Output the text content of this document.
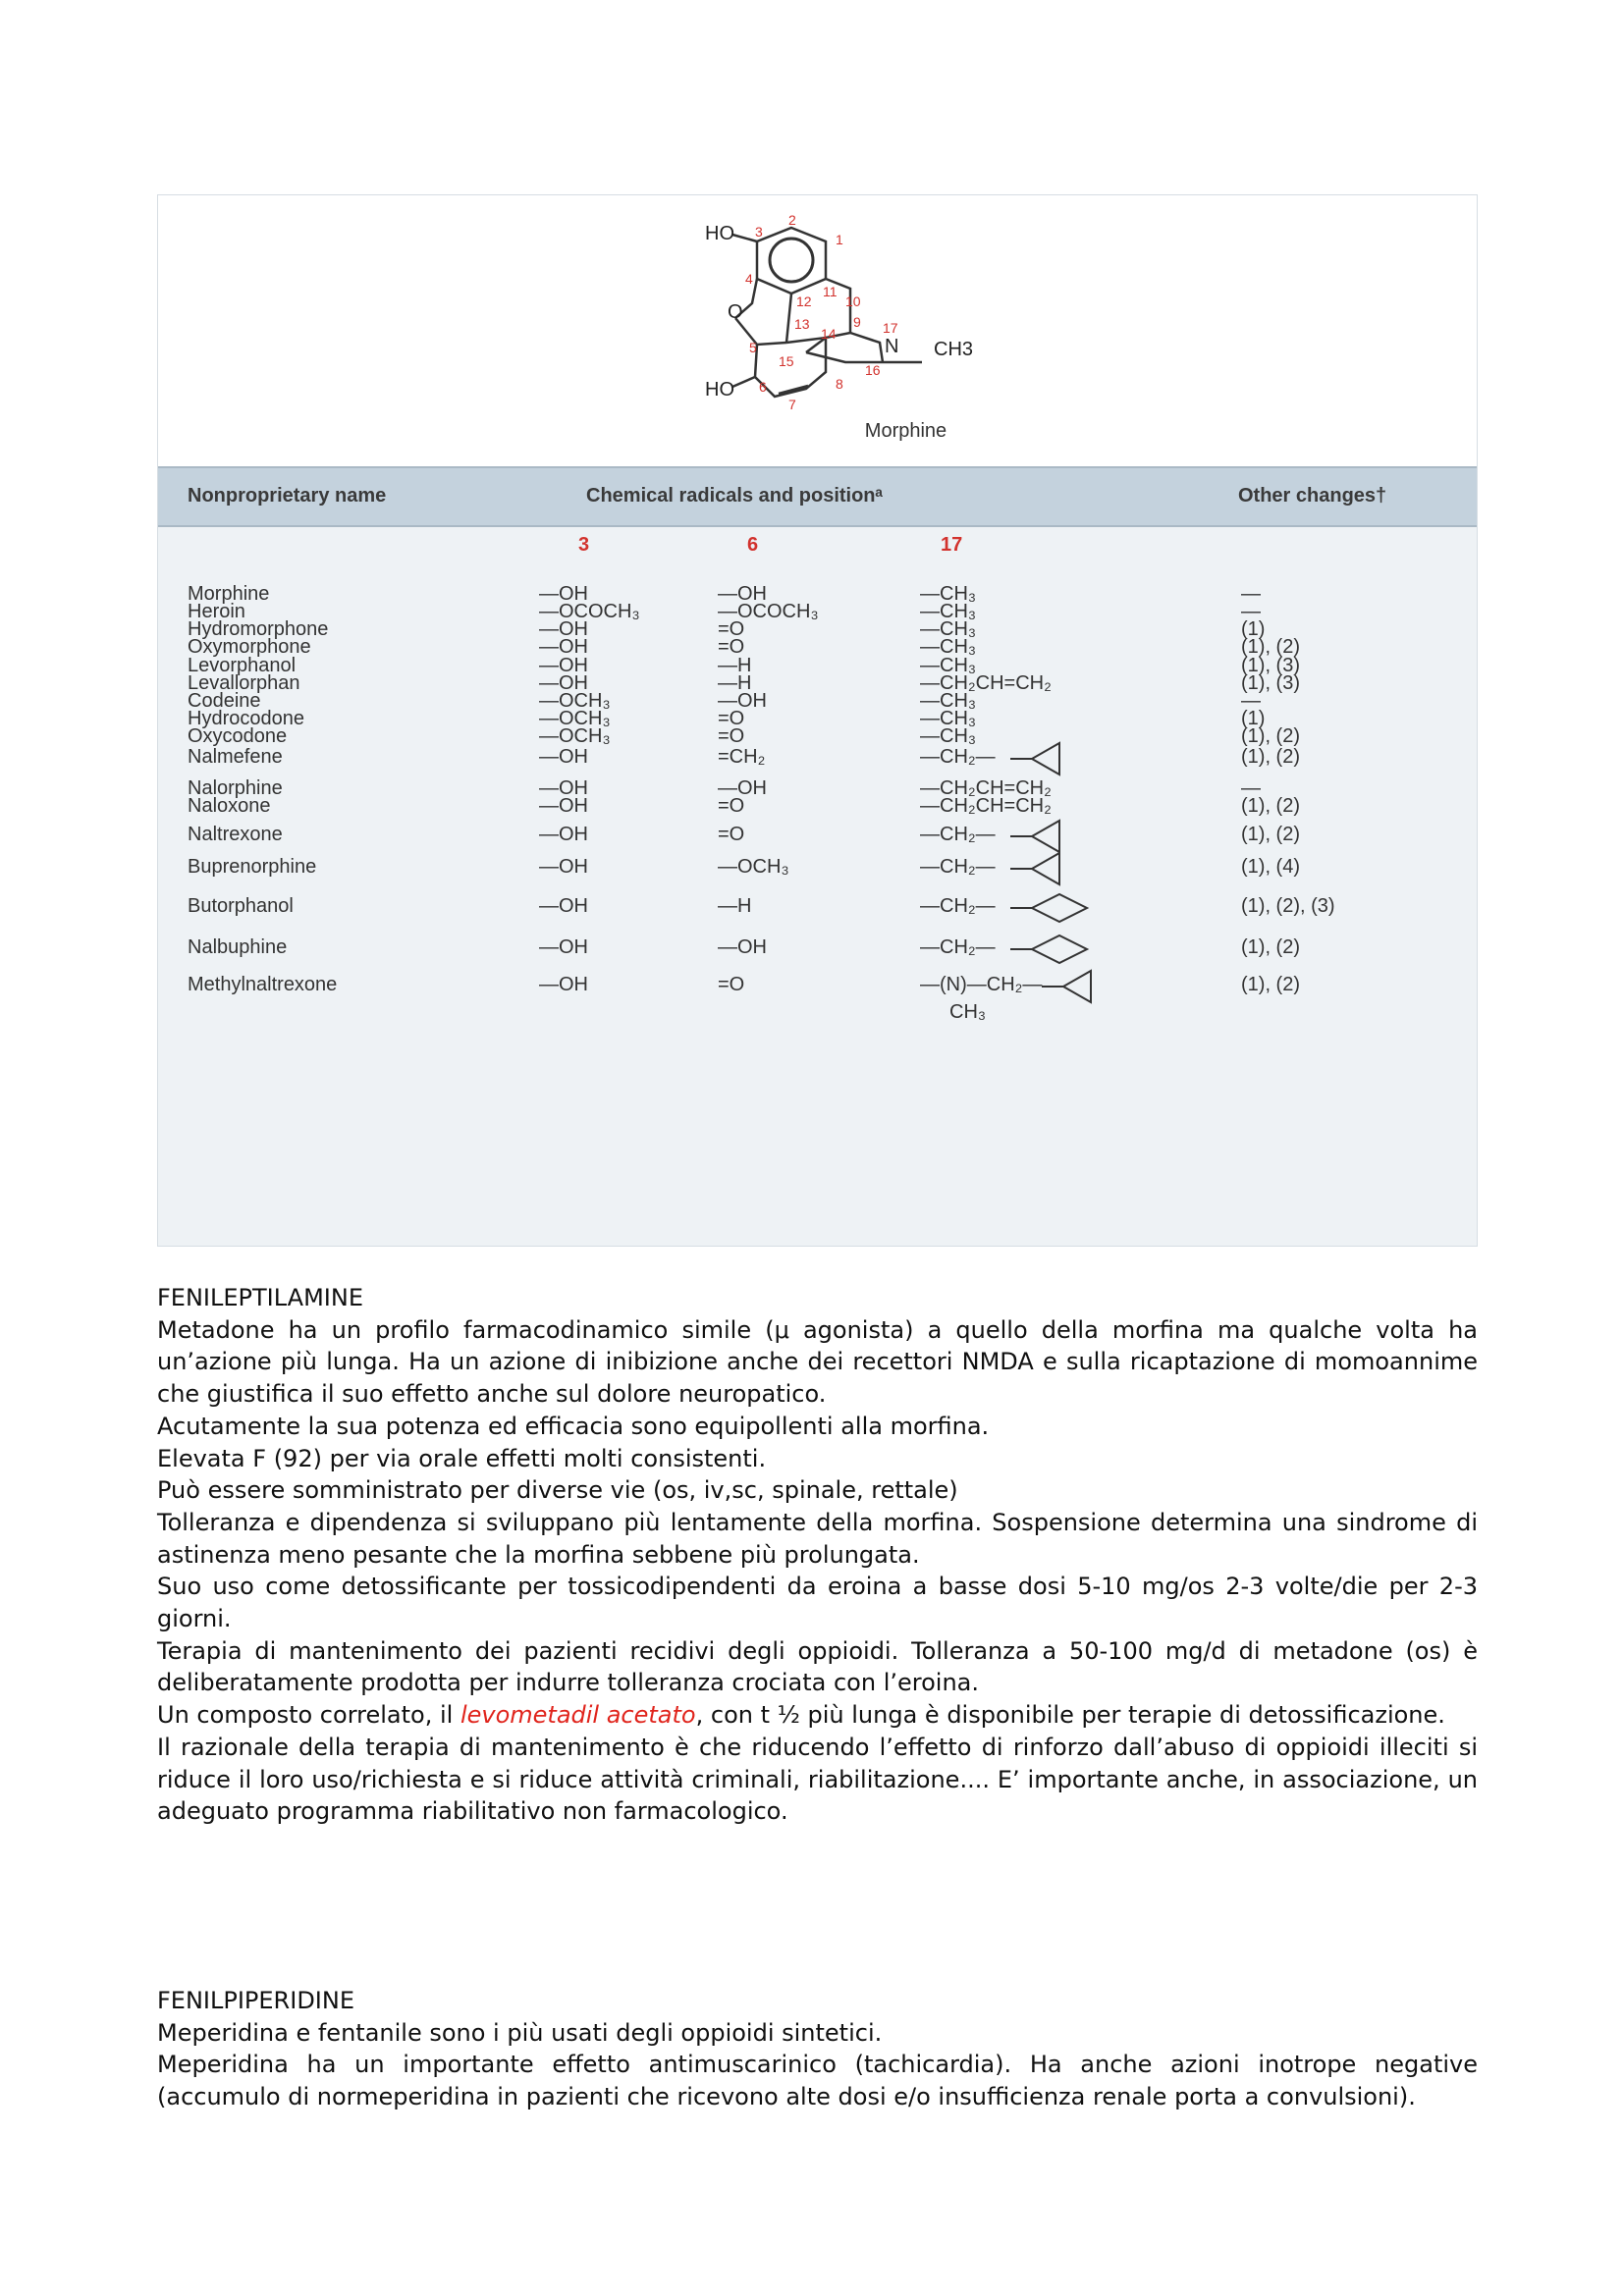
HO
HO
O
N CH3
1
2
3
4
5
6
7
8
9
10
11
12
13
14
15
16
17
Morphine
Nonproprietary name	Chemical radicals and positionᵃ	Other changes†
3	6	17
Morphine	—OH	—OH	—CH₃	—
Heroin	—OCOCH₃	—OCOCH₃	—CH₃	—
Hydromorphone	—OH	=O	—CH₃	(1)
Oxymorphone	—OH	=O	—CH₃	(1), (2)
Levorphanol	—OH	—H	—CH₃	(1), (3)
Levallorphan	—OH	—H	—CH₂CH=CH₂	(1), (3)
Codeine	—OCH₃	—OH	—CH₃	—
Hydrocodone	—OCH₃	=O	—CH₃	(1)
Oxycodone	—OCH₃	=O	—CH₃	(1), (2)
Nalmefene	—OH	=CH₂	—CH₂—	(1), (2)
Nalorphine	—OH	—OH	—CH₂CH=CH₂	—
Naloxone	—OH	=O	—CH₂CH=CH₂	(1), (2)
Naltrexone	—OH	=O	—CH₂—	(1), (2)
Buprenorphine	—OH	—OCH₃	—CH₂—	(1), (4)
Butorphanol	—OH	—H	—CH₂—	(1), (2), (3)
Nalbuphine	—OH	—OH	—CH₂—	(1), (2)
Methylnaltrexone	—OH	=O	—(N)—CH₂—	(1), (2)
CH₃
FENILEPTILAMINE

Metadone ha un profilo farmacodinamico simile (μ agonista) a quello della morfina ma qualche volta ha un’azione più lunga. Ha un azione di inibizione anche dei recettori NMDA e sulla ricaptazione di momoannime che giustifica il suo effetto anche sul dolore neuropatico.

Acutamente la sua potenza ed efficacia sono equipollenti alla morfina.

Elevata F (92) per via orale effetti molti consistenti.

Può essere somministrato per diverse vie (os, iv,sc, spinale, rettale)

Tolleranza e dipendenza si sviluppano più lentamente della morfina. Sospensione determina una sindrome di astinenza meno pesante che la morfina sebbene più prolungata.

Suo uso come detossificante per tossicodipendenti da eroina a basse dosi 5-10 mg/os 2-3 volte/die per 2-3 giorni.

Terapia di mantenimento dei pazienti recidivi degli oppioidi. Tolleranza a 50-100 mg/d di metadone (os) è deliberatamente prodotta per indurre tolleranza crociata con l’eroina.

Un composto correlato, il levometadil acetato, con t ½ più lunga è disponibile per terapie di detossificazione.

Il razionale della terapia di mantenimento è che riducendo l’effetto di rinforzo dall’abuso di oppioidi illeciti si riduce il loro uso/richiesta e si riduce attività criminali, riabilitazione.... E’ importante anche, in associazione, un adeguato programma riabilitativo non farmacologico.

FENILPIPERIDINE

Meperidina e fentanile sono i più usati degli oppioidi sintetici.

Meperidina ha un importante effetto antimuscarinico (tachicardia). Ha anche azioni inotrope negative (accumulo di normeperidina in pazienti che ricevono alte dosi e/o insufficienza renale porta a convulsioni).
